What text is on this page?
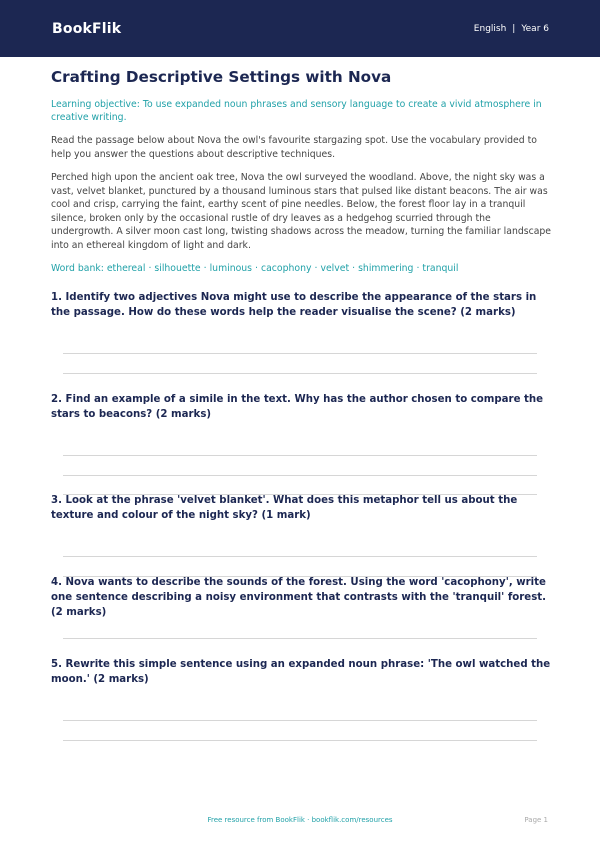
BookFlik	English | Year 6
Crafting Descriptive Settings with Nova
Learning objective: To use expanded noun phrases and sensory language to create a vivid atmosphere in creative writing.
Read the passage below about Nova the owl's favourite stargazing spot. Use the vocabulary provided to help you answer the questions about descriptive techniques.
Perched high upon the ancient oak tree, Nova the owl surveyed the woodland. Above, the night sky was a vast, velvet blanket, punctured by a thousand luminous stars that pulsed like distant beacons. The air was cool and crisp, carrying the faint, earthy scent of pine needles. Below, the forest floor lay in a tranquil silence, broken only by the occasional rustle of dry leaves as a hedgehog scurried through the undergrowth. A silver moon cast long, twisting shadows across the meadow, turning the familiar landscape into an ethereal kingdom of light and dark.
Word bank: ethereal · silhouette · luminous · cacophony · velvet · shimmering · tranquil
1. Identify two adjectives Nova might use to describe the appearance of the stars in the passage. How do these words help the reader visualise the scene? (2 marks)
2. Find an example of a simile in the text. Why has the author chosen to compare the stars to beacons? (2 marks)
3. Look at the phrase 'velvet blanket'. What does this metaphor tell us about the texture and colour of the night sky? (1 mark)
4. Nova wants to describe the sounds of the forest. Using the word 'cacophony', write one sentence describing a noisy environment that contrasts with the 'tranquil' forest. (2 marks)
5. Rewrite this simple sentence using an expanded noun phrase: 'The owl watched the moon.' (2 marks)
Free resource from BookFlik · bookflik.com/resources	Page 1
